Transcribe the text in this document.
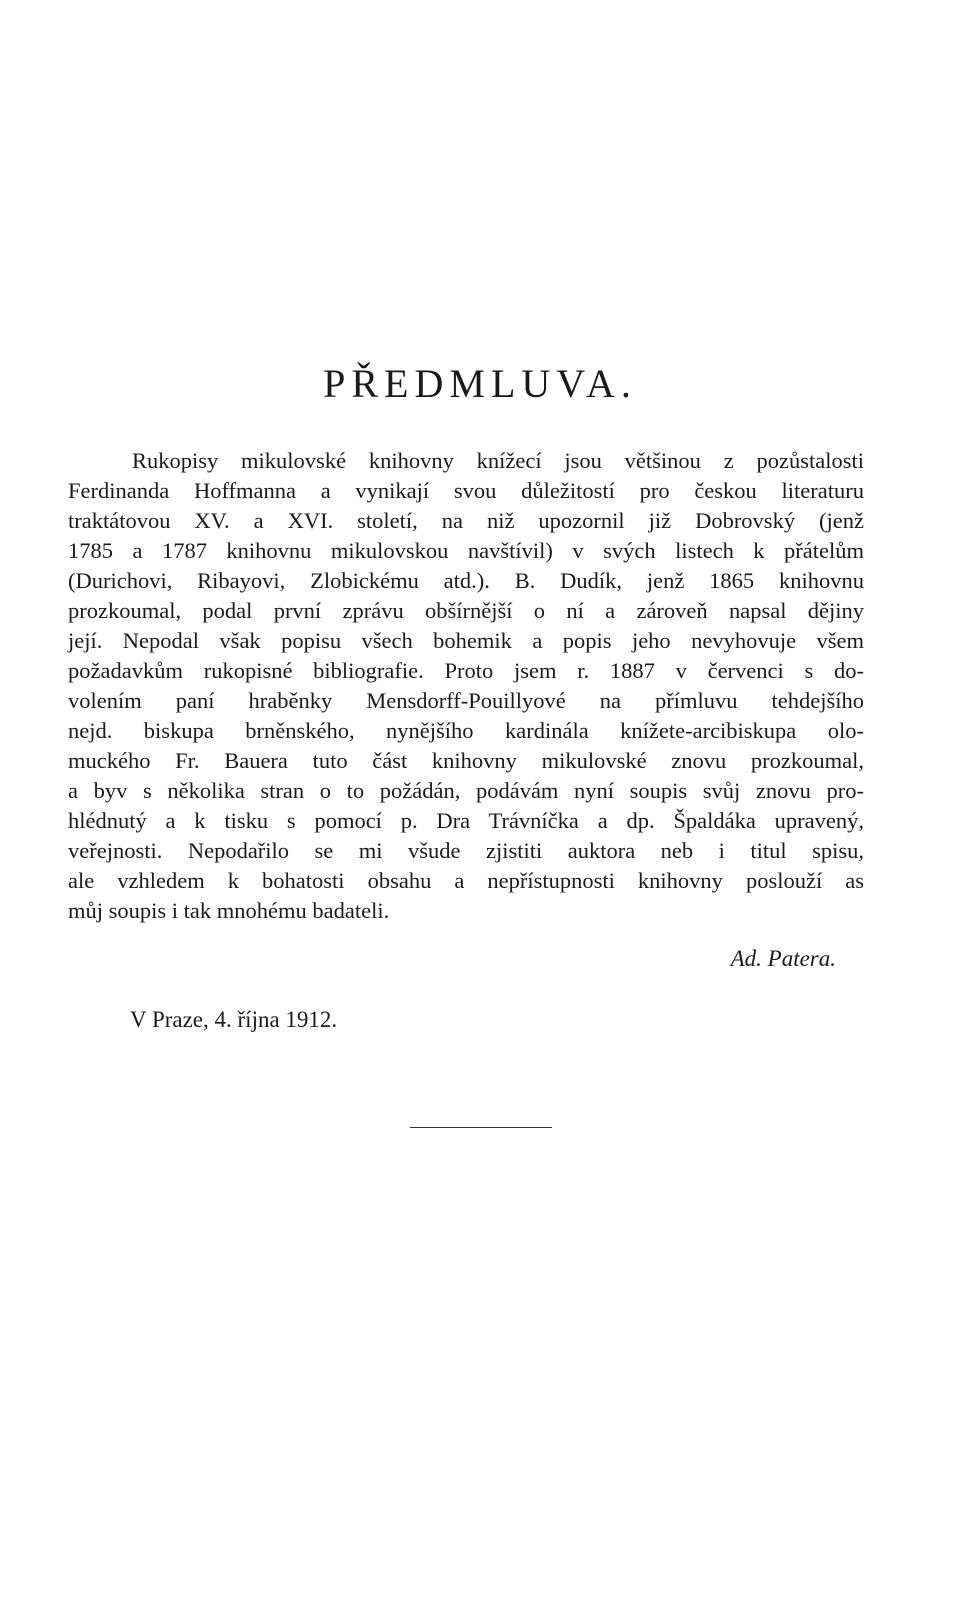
PŘEDMLUVA.

Rukopisy mikulovské knihovny knížecí jsou většinou z pozůstalosti
Ferdinanda Hoffmanna a vynikají svou důležitostí pro českou literaturu
traktátovou XV. a XVI. století, na niž upozornil již Dobrovský (jenž
1785 a 1787 knihovnu mikulovskou navštívil) v svých listech k přátelům
(Durichovi, Ribayovi, Zlobickému atd.). B. Dudík, jenž 1865 knihovnu
prozkoumal, podal první zprávu obšírnější o ní a zároveň napsal dějiny
její. Nepodal však popisu všech bohemik a popis jeho nevyhovuje všem
požadavkům rukopisné bibliografie. Proto jsem r. 1887 v červenci s do-
volením paní hraběnky Mensdorff-Pouillyové na přímluvu tehdejšího
nejd. biskupa brněnského, nynějšího kardinála knížete-arcibiskupa olo-
muckého Fr. Bauera tuto část knihovny mikulovské znovu prozkoumal,
a byv s několika stran o to požádán, podávám nyní soupis svůj znovu pro-
hlédnutý a k tisku s pomocí p. Dra Trávníčka a dp. Špaldáka upravený,
veřejnosti. Nepodařilo se mi všude zjistiti auktora neb i titul spisu,
ale vzhledem k bohatosti obsahu a nepřístupnosti knihovny poslouží as
můj soupis i tak mnohému badateli.

Ad. Patera.

V Praze, 4. října 1912.
